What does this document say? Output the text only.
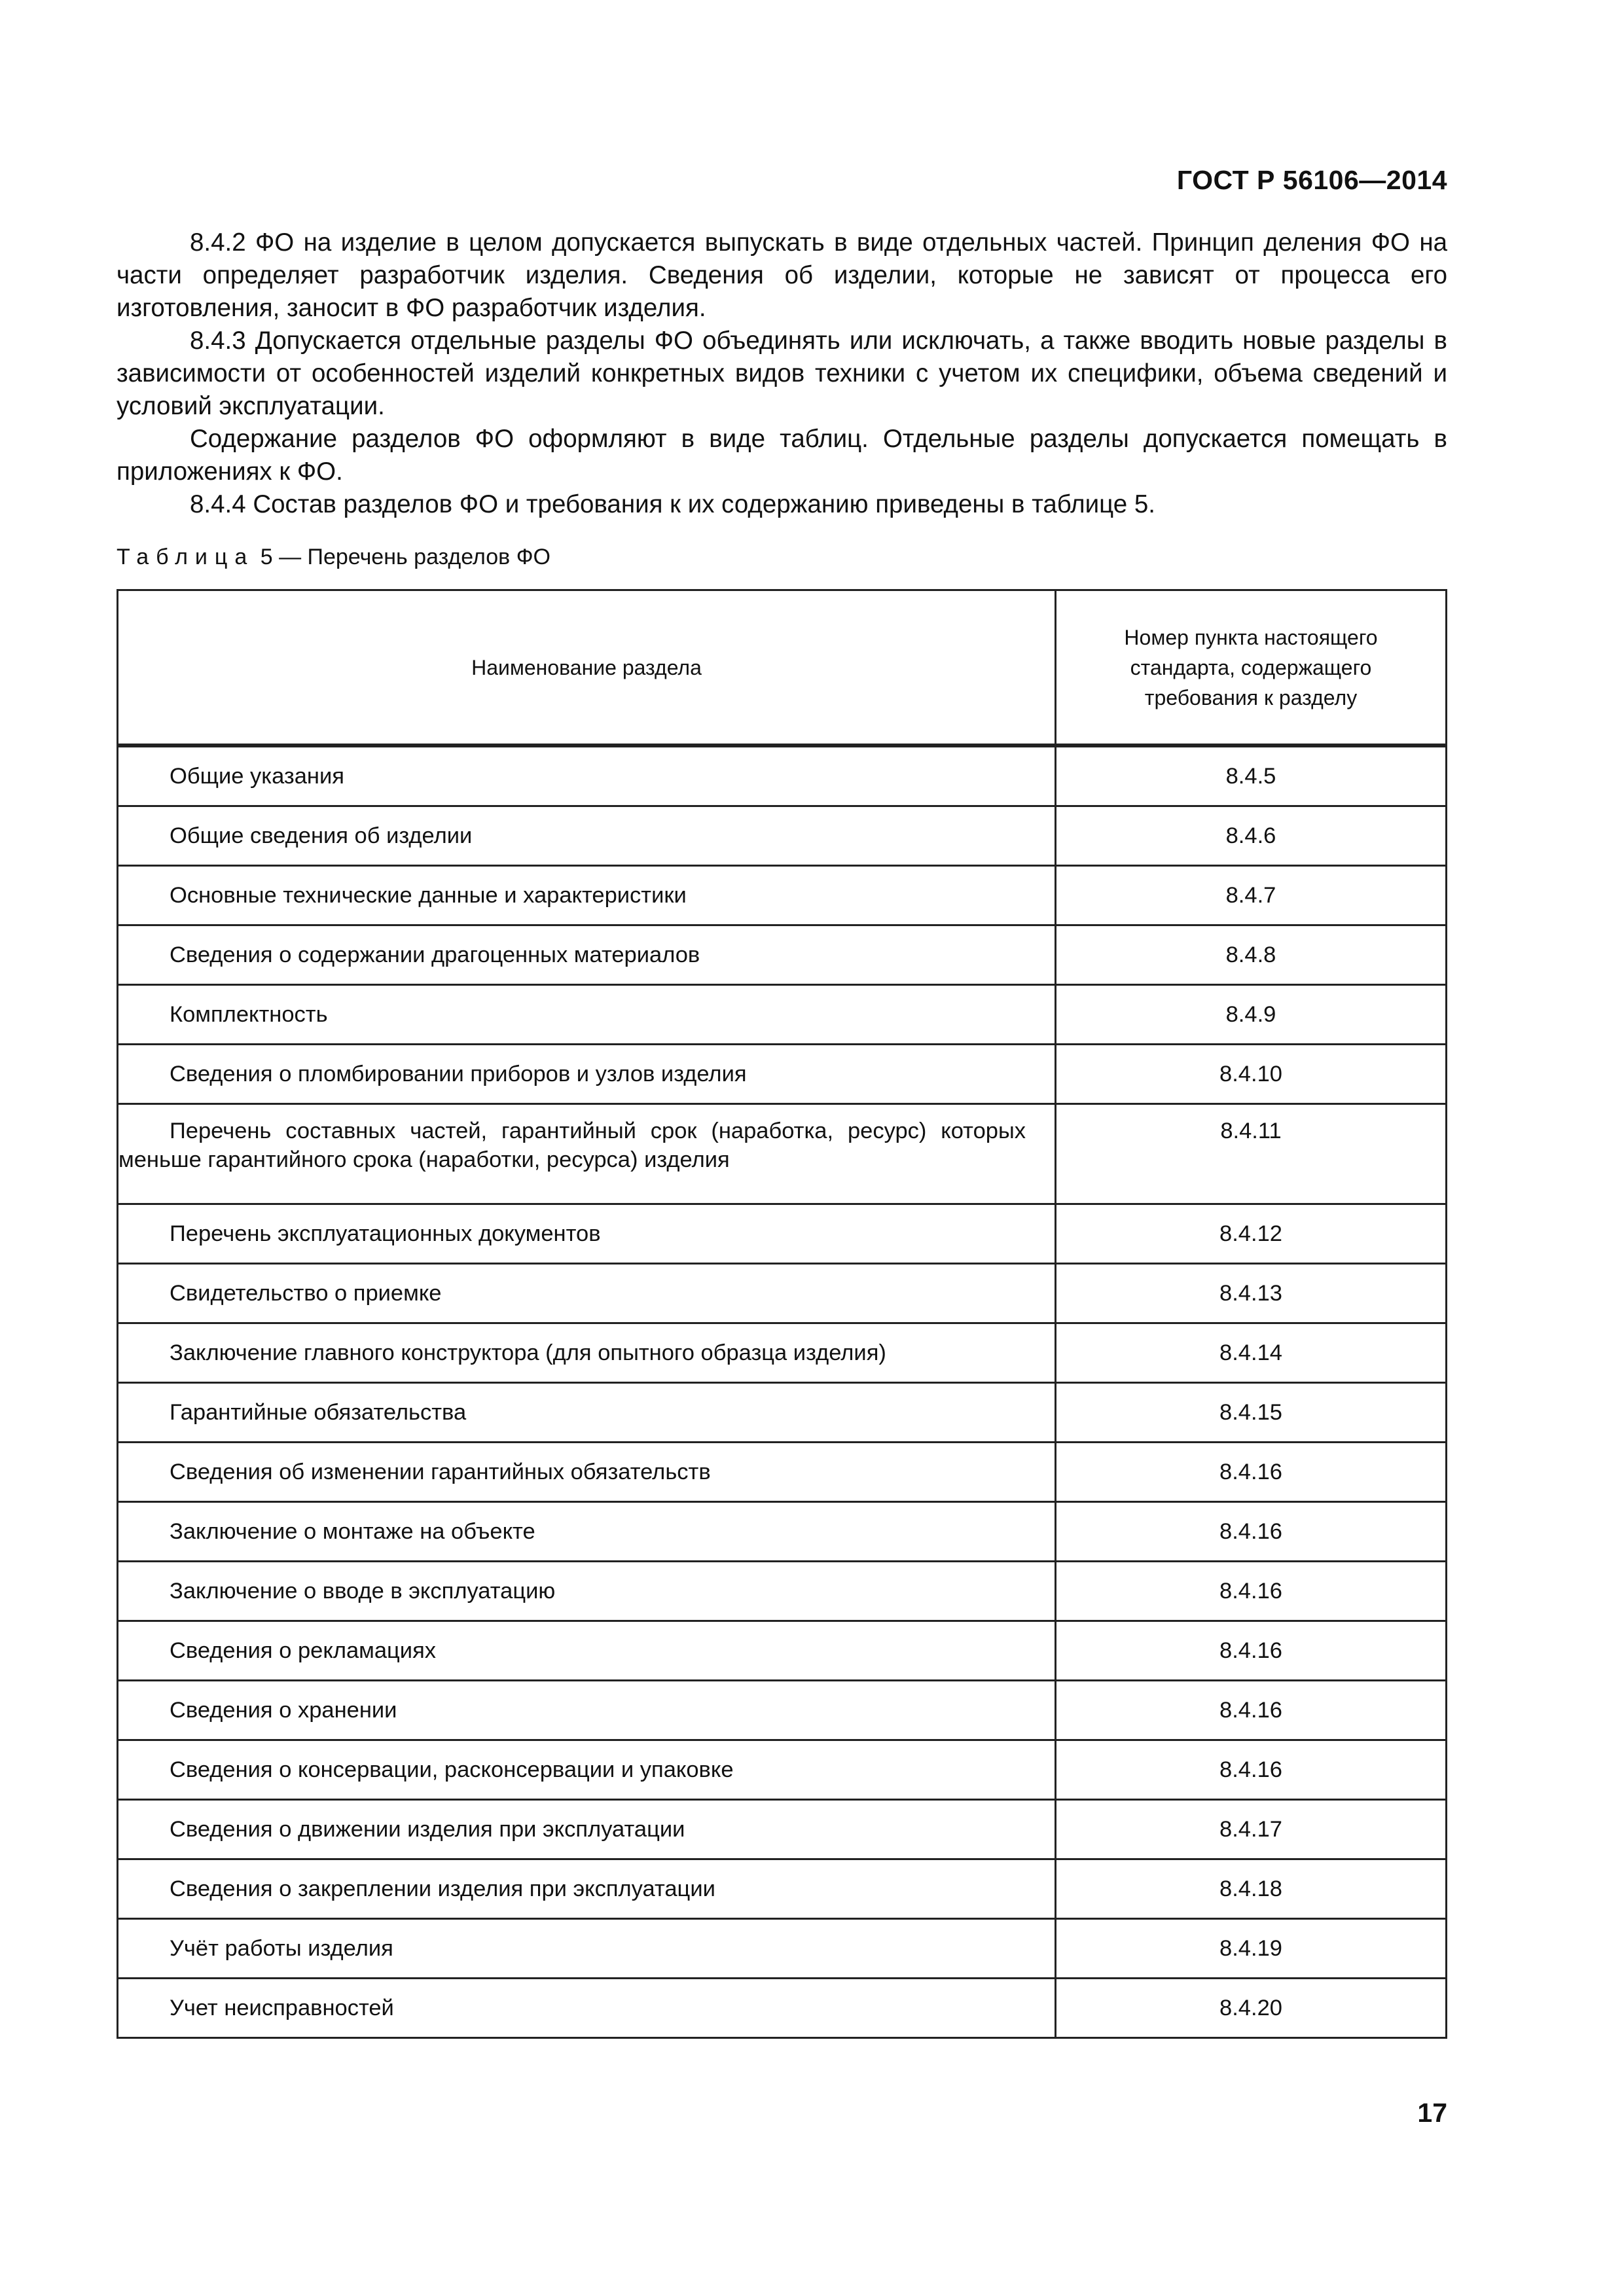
ГОСТ Р 56106—2014

8.4.2 ФО на изделие в целом допускается выпускать в виде отдельных частей. Принцип деления ФО на части определяет разработчик изделия. Сведения об изделии, которые не зависят от процесса его изготовления, заносит в ФО разработчик изделия.

8.4.3 Допускается отдельные разделы ФО объединять или исключать, а также вводить новые разделы в зависимости от особенностей изделий конкретных видов техники с учетом их специфики, объема сведений и условий эксплуатации.

Содержание разделов ФО оформляют в виде таблиц. Отдельные разделы допускается помещать в приложениях к ФО.

8.4.4 Состав разделов ФО и требования к их содержанию приведены в таблице 5.

Таблица 5 — Перечень разделов ФО
Наименование раздела	Номер пункта настоящего
стандарта, содержащего
требования к разделу
Общие указания	8.4.5
Общие сведения об изделии	8.4.6
Основные технические данные и характеристики	8.4.7
Сведения о содержании драгоценных материалов	8.4.8
Комплектность	8.4.9
Сведения о пломбировании приборов и узлов изделия	8.4.10

Перечень составных частей, гарантийный срок (наработка, ресурс) которых меньше гарантийного срока (наработки, ресурса) изделия	8.4.11
Перечень эксплуатационных документов	8.4.12
Свидетельство о приемке	8.4.13
Заключение главного конструктора (для опытного образца изделия)	8.4.14
Гарантийные обязательства	8.4.15
Сведения об изменении гарантийных обязательств	8.4.16
Заключение о монтаже на объекте	8.4.16
Заключение о вводе в эксплуатацию	8.4.16
Сведения о рекламациях	8.4.16
Сведения о хранении	8.4.16
Сведения о консервации, расконсервации и упаковке	8.4.16
Сведения о движении изделия при эксплуатации	8.4.17
Сведения о закреплении изделия при эксплуатации	8.4.18
Учёт работы изделия	8.4.19
Учет неисправностей	8.4.20
17
